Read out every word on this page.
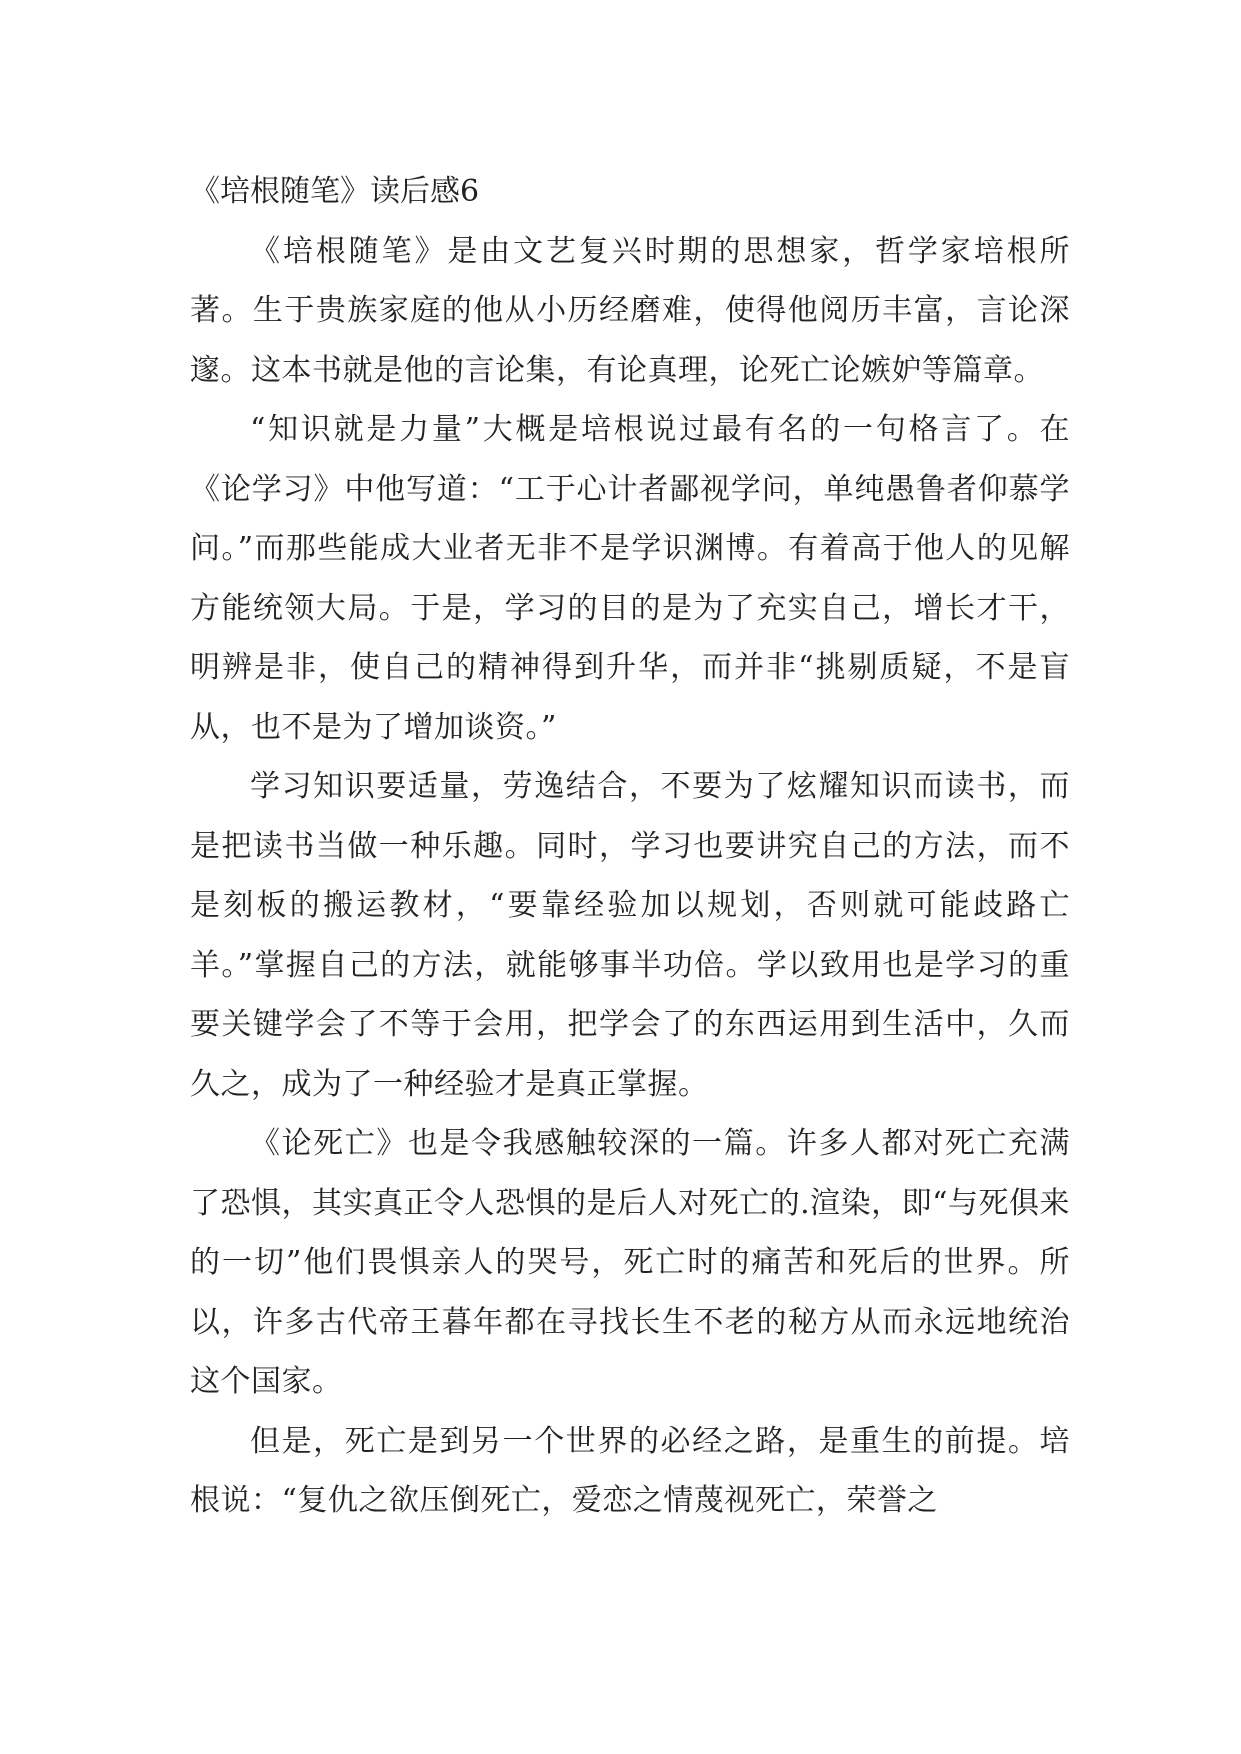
《培根随笔》读后感6

《培根随笔》是由文艺复兴时期的思想家，哲学家培根所著。生于贵族家庭的他从小历经磨难，使得他阅历丰富，言论深邃。这本书就是他的言论集，有论真理，论死亡论嫉妒等篇章。

“知识就是力量”大概是培根说过最有名的一句格言了。在《论学习》中他写道：“工于心计者鄙视学问，单纯愚鲁者仰慕学问。”而那些能成大业者无非不是学识渊博。有着高于他人的见解方能统领大局。于是，学习的目的是为了充实自己，增长才干，明辨是非，使自己的精神得到升华，而并非“挑剔质疑，不是盲从，也不是为了增加谈资。”

学习知识要适量，劳逸结合，不要为了炫耀知识而读书，而是把读书当做一种乐趣。同时，学习也要讲究自己的方法，而不是刻板的搬运教材，“要靠经验加以规划，否则就可能歧路亡羊。”掌握自己的方法，就能够事半功倍。学以致用也是学习的重要关键学会了不等于会用，把学会了的东西运用到生活中，久而久之，成为了一种经验才是真正掌握。

《论死亡》也是令我感触较深的一篇。许多人都对死亡充满了恐惧，其实真正令人恐惧的是后人对死亡的.渲染，即“与死俱来的一切”他们畏惧亲人的哭号，死亡时的痛苦和死后的世界。所以，许多古代帝王暮年都在寻找长生不老的秘方从而永远地统治这个国家。

但是，死亡是到另一个世界的必经之路，是重生的前提。培根说：“复仇之欲压倒死亡，爱恋之情蔑视死亡，荣誉之
